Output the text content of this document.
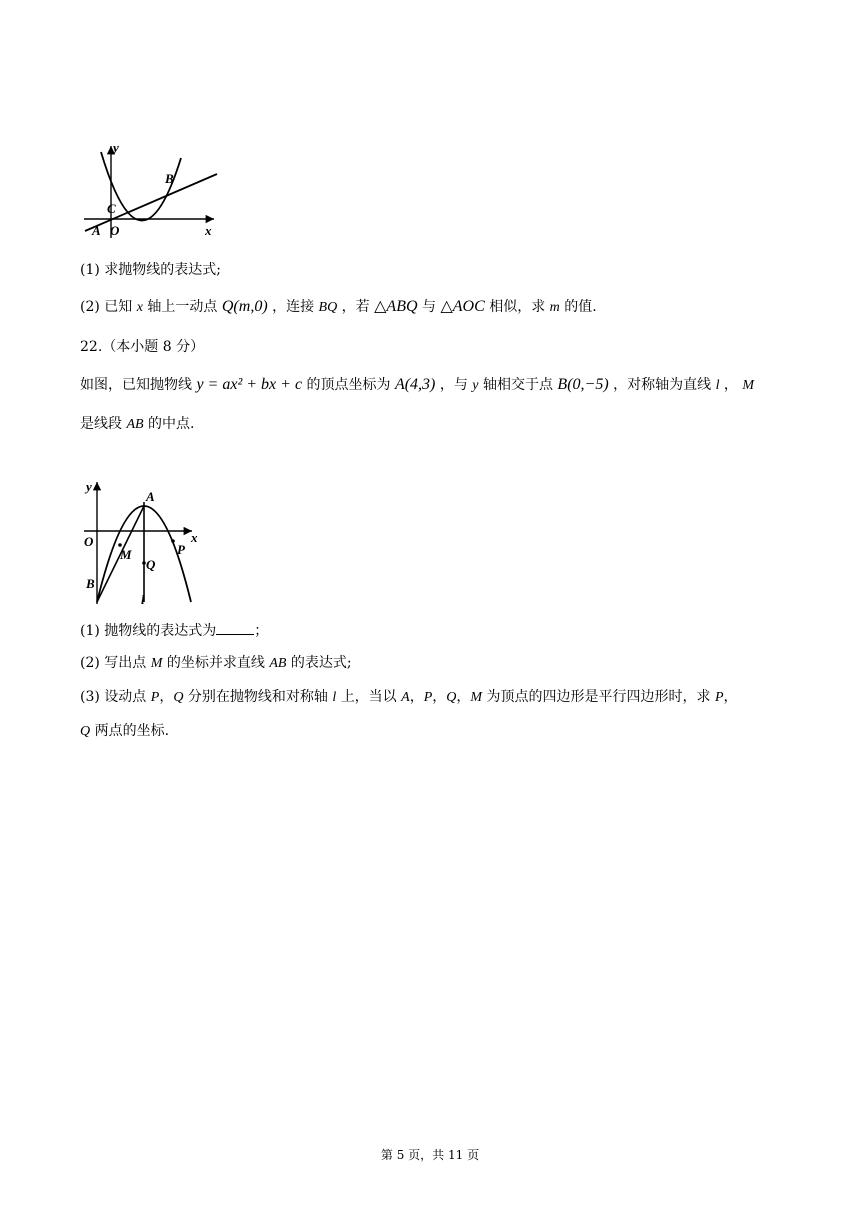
y
x
B
C
A O
(1) 求抛物线的表达式;
(2) 已知 x 轴上一动点 Q(m,0) ，连接 BQ ，若 △ABQ 与 △AOC 相似，求 m 的值.
22.（本小题 8 分）
如图，已知抛物线 y = ax² + bx + c 的顶点坐标为 A(4,3) ，与 y 轴相交于点 B(0,−5) ，对称轴为直线 l ， M
是线段 AB 的中点.
y
A
x
O
M	P
Q
B
l
(1) 抛物线的表达式为	；
(2) 写出点 M 的坐标并求直线 AB 的表达式;
(3) 设动点 P，Q 分别在抛物线和对称轴 l 上，当以 A，P，Q，M 为顶点的四边形是平行四边形时，求 P，
Q 两点的坐标.
第 5 页，共 11 页
